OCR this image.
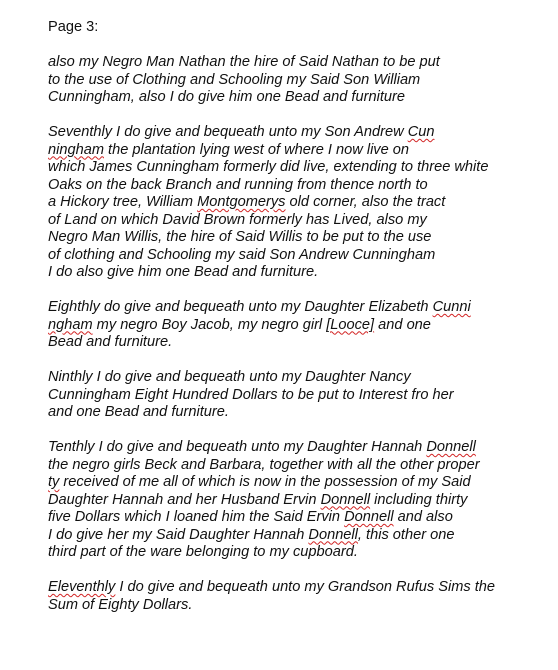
Page 3:
also my Negro Man Nathan the hire of Said Nathan to be put
to the use of Clothing and Schooling my Said Son William
Cunningham, also I do give him one Bead and furniture
Seventhly I do give and bequeath unto my Son Andrew Cun
ningham the plantation lying west of where I now live on
which James Cunningham formerly did live, extending to three white
Oaks on the back Branch and running from thence north to
a Hickory tree, William Montgomerys old corner, also the tract
of Land on which David Brown formerly has Lived, also my
Negro Man Willis, the hire of Said Willis to be put to the use
of clothing and Schooling my said Son Andrew Cunningham
I do also give him one Bead and furniture.
Eighthly do give and bequeath unto my Daughter Elizabeth Cunni
ngham my negro Boy Jacob, my negro girl [Looce] and one
Bead and furniture.
Ninthly I do give and bequeath unto my Daughter Nancy
Cunningham Eight Hundred Dollars to be put to Interest fro her
and one Bead and furniture.
Tenthly I do give and bequeath unto my Daughter Hannah Donnell
the negro girls Beck and Barbara, together with all the other proper
ty received of me all of which is now in the possession of my Said
Daughter Hannah and her Husband Ervin Donnell including thirty
five Dollars which I loaned him the Said Ervin Donnell and also
I do give her my Said Daughter Hannah Donnell, this other one
third part of the ware belonging to my cupboard.
Eleventhly I do give and bequeath unto my Grandson Rufus Sims the
Sum of Eighty Dollars.
